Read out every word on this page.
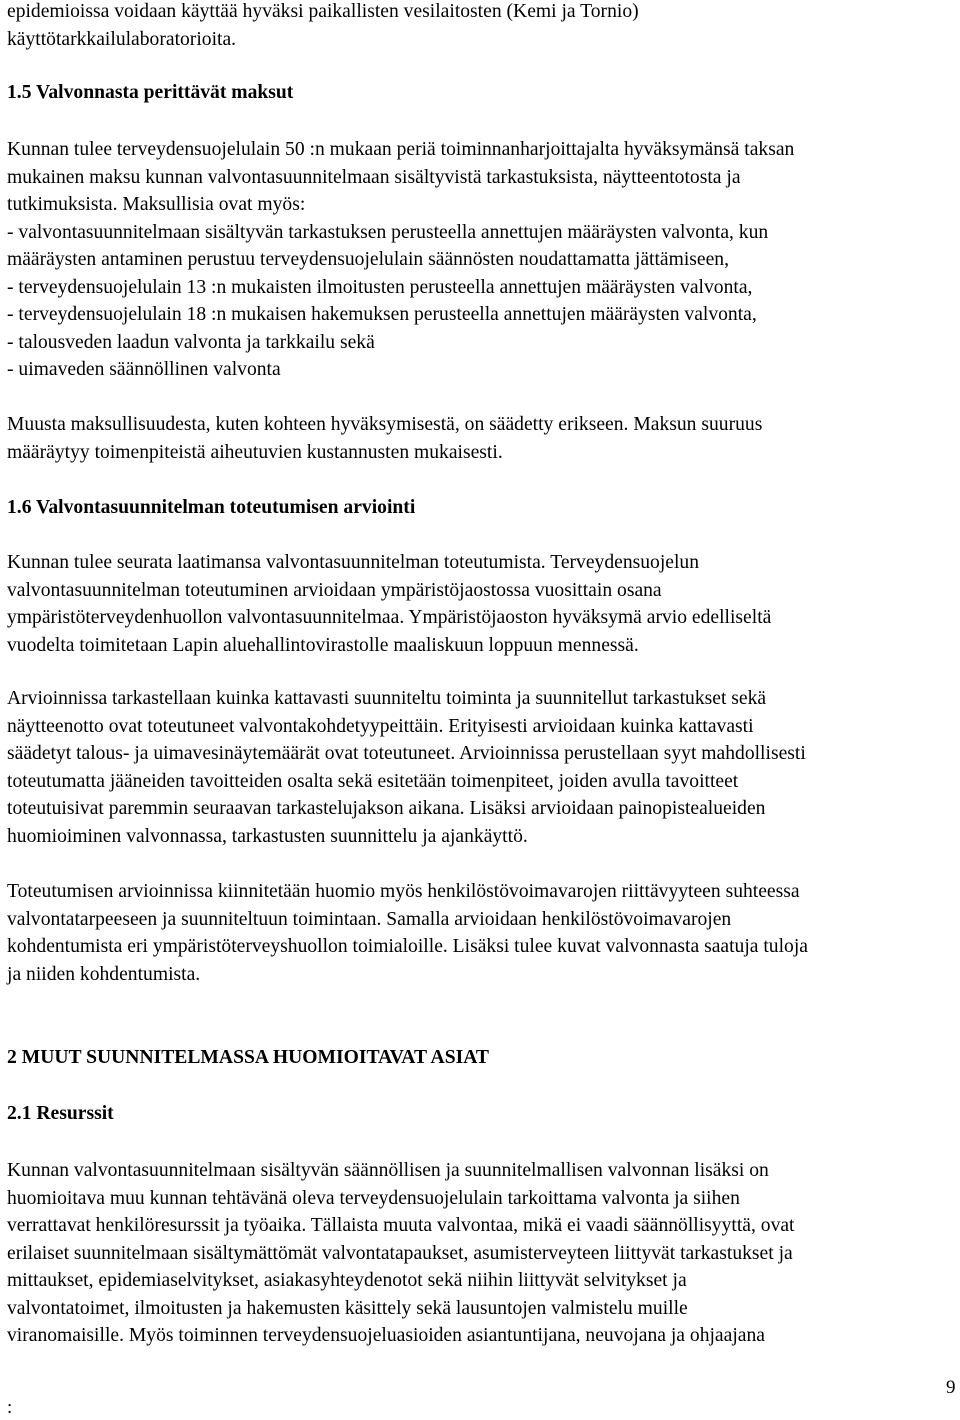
epidemioissa voidaan käyttää hyväksi paikallisten vesilaitosten (Kemi ja Tornio)
käyttötarkkailulaboratorioita.
1.5 Valvonnasta perittävät maksut
Kunnan tulee terveydensuojelulain 50 :n mukaan periä toiminnanharjoittajalta hyväksymänsä taksan
mukainen maksu kunnan valvontasuunnitelmaan sisältyvistä tarkastuksista, näytteentotosta ja
tutkimuksista. Maksullisia ovat myös:
- valvontasuunnitelmaan sisältyvän tarkastuksen perusteella annettujen määräysten valvonta, kun
määräysten antaminen perustuu terveydensuojelulain säännösten noudattamatta jättämiseen,
- terveydensuojelulain 13 :n mukaisten ilmoitusten perusteella annettujen määräysten valvonta,
- terveydensuojelulain 18 :n mukaisen hakemuksen perusteella annettujen määräysten valvonta,
- talousveden laadun valvonta ja tarkkailu sekä
- uimaveden säännöllinen valvonta
Muusta maksullisuudesta, kuten kohteen hyväksymisestä, on säädetty erikseen. Maksun suuruus
määräytyy toimenpiteistä aiheutuvien kustannusten mukaisesti.
1.6 Valvontasuunnitelman toteutumisen arviointi
Kunnan tulee seurata laatimansa valvontasuunnitelman toteutumista. Terveydensuojelun
valvontasuunnitelman toteutuminen arvioidaan ympäristöjaostossa vuosittain osana
ympäristöterveydenhuollon valvontasuunnitelmaa. Ympäristöjaoston hyväksymä arvio edelliseltä
vuodelta toimitetaan Lapin aluehallintovirastolle maaliskuun loppuun mennessä.
Arvioinnissa tarkastellaan kuinka kattavasti suunniteltu toiminta ja suunnitellut tarkastukset sekä
näytteenotto ovat toteutuneet valvontakohdetyypeittäin. Erityisesti arvioidaan kuinka kattavasti
säädetyt talous- ja uimavesinäytemäärät ovat toteutuneet. Arvioinnissa perustellaan syyt mahdollisesti
toteutumatta jääneiden tavoitteiden osalta sekä esitetään toimenpiteet, joiden avulla tavoitteet
toteutuisivat paremmin seuraavan tarkastelujakson aikana. Lisäksi arvioidaan painopistealueiden
huomioiminen valvonnassa, tarkastusten suunnittelu ja ajankäyttö.
Toteutumisen arvioinnissa kiinnitetään huomio myös henkilöstövoimavarojen riittävyyteen suhteessa
valvontatarpeeseen ja suunniteltuun toimintaan. Samalla arvioidaan henkilöstövoimavarojen
kohdentumista eri ympäristöterveyshuollon toimialoille. Lisäksi tulee kuvat valvonnasta saatuja tuloja
ja niiden kohdentumista.
2 MUUT SUUNNITELMASSA HUOMIOITAVAT ASIAT
2.1 Resurssit
Kunnan valvontasuunnitelmaan sisältyvän säännöllisen ja suunnitelmallisen valvonnan lisäksi on
huomioitava muu kunnan tehtävänä oleva terveydensuojelulain tarkoittama valvonta ja siihen
verrattavat henkilöresurssit ja työaika. Tällaista muuta valvontaa, mikä ei vaadi säännöllisyyttä, ovat
erilaiset suunnitelmaan sisältymättömät valvontatapaukset, asumisterveyteen liittyvät tarkastukset ja
mittaukset, epidemiaselvitykset, asiakasyhteydenotot sekä niihin liittyvät selvitykset ja
valvontatoimet, ilmoitusten ja hakemusten käsittely sekä lausuntojen valmistelu muille
viranomaisille. Myös toiminnen terveydensuojeluasioiden asiantuntijana, neuvojana ja ohjaajana
:
9
